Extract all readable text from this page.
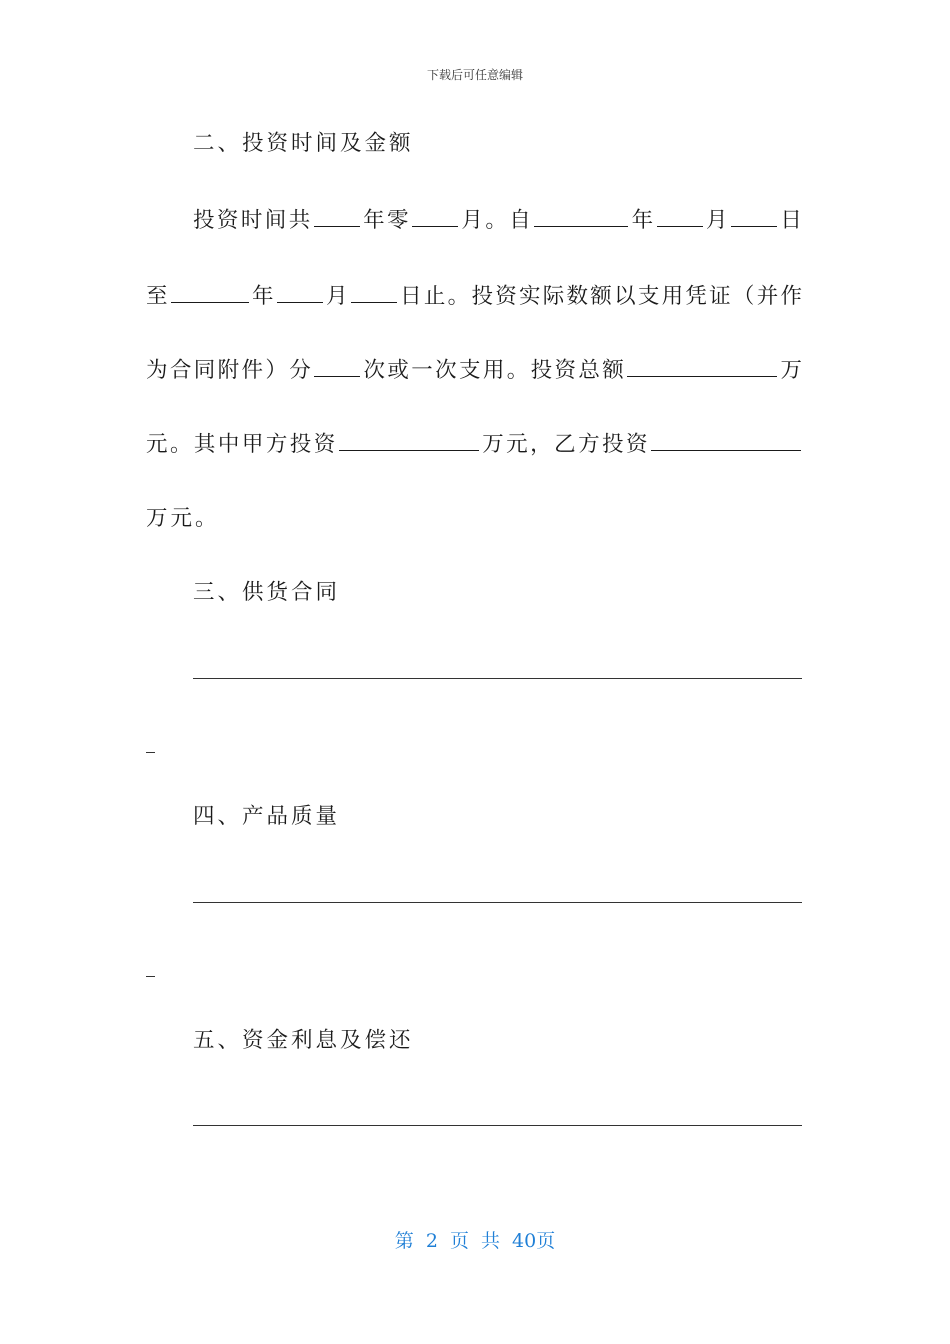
下载后可任意编辑
二、投资时间及金额
投资时间共 年零 月。自	年 月 日
至	年 月 日止。投资实际数额以支用凭证（并作
为合同附件）分 次或一次支用。投资总额	万
元。其中甲方投资	万元，乙方投资
万元。
三、供货合同
四、产品质量
五、资金利息及偿还
第 2 页 共 40页
